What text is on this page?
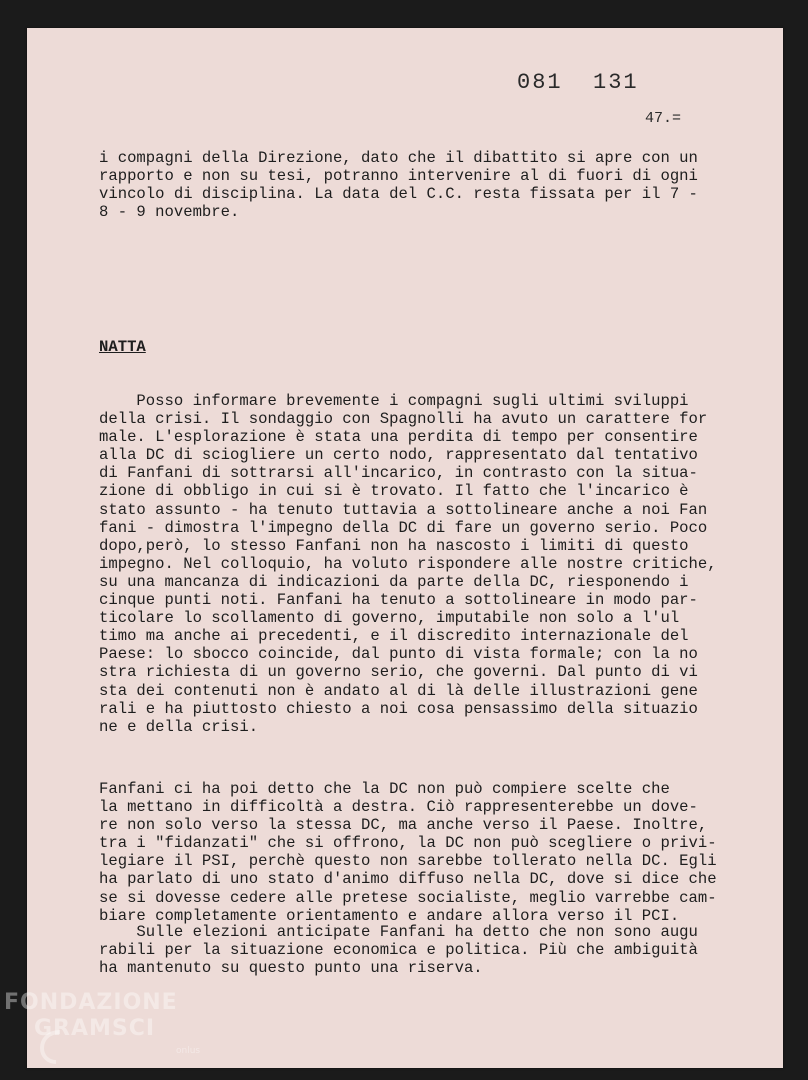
081  131
47.=

i compagni della Direzione, dato che il dibattito si apre con un
rapporto e non su tesi, potranno intervenire al di fuori di ogni
vincolo di disciplina. La data del C.C. resta fissata per il 7 -
8 - 9 novembre.

NATTA

Posso informare brevemente i compagni sugli ultimi sviluppi
della crisi. Il sondaggio con Spagnolli ha avuto un carattere for
male. L'esplorazione è stata una perdita di tempo per consentire
alla DC di sciogliere un certo nodo, rappresentato dal tentativo
di Fanfani di sottrarsi all'incarico, in contrasto con la situa-
zione di obbligo in cui si è trovato. Il fatto che l'incarico è
stato assunto - ha tenuto tuttavia a sottolineare anche a noi Fan
fani - dimostra l'impegno della DC di fare un governo serio. Poco
dopo,però, lo stesso Fanfani non ha nascosto i limiti di questo
impegno. Nel colloquio, ha voluto rispondere alle nostre critiche,
su una mancanza di indicazioni da parte della DC, riesponendo i
cinque punti noti. Fanfani ha tenuto a sottolineare in modo par-
ticolare lo scollamento di governo, imputabile non solo a l'ul
timo ma anche ai precedenti, e il discredito internazionale del
Paese: lo sbocco coincide, dal punto di vista formale; con la no
stra richiesta di un governo serio, che governi. Dal punto di vi
sta dei contenuti non è andato al di là delle illustrazioni gene
rali e ha piuttosto chiesto a noi cosa pensassimo della situazio
ne e della crisi.

Fanfani ci ha poi detto che la DC non può compiere scelte che
la mettano in difficoltà a destra. Ciò rappresenterebbe un dove-
re non solo verso la stessa DC, ma anche verso il Paese. Inoltre,
tra i "fidanzati" che si offrono, la DC non può scegliere o privi-
legiare il PSI, perchè questo non sarebbe tollerato nella DC. Egli
ha parlato di uno stato d'animo diffuso nella DC, dove si dice che
se si dovesse cedere alle pretese socialiste, meglio varrebbe cam-
biare completamente orientamento e andare allora verso il PCI.

Sulle elezioni anticipate Fanfani ha detto che non sono augu
rabili per la situazione economica e politica. Più che ambiguità
ha mantenuto su questo punto una riserva.

FONDAZIONE
GRAMSCI
onlus
